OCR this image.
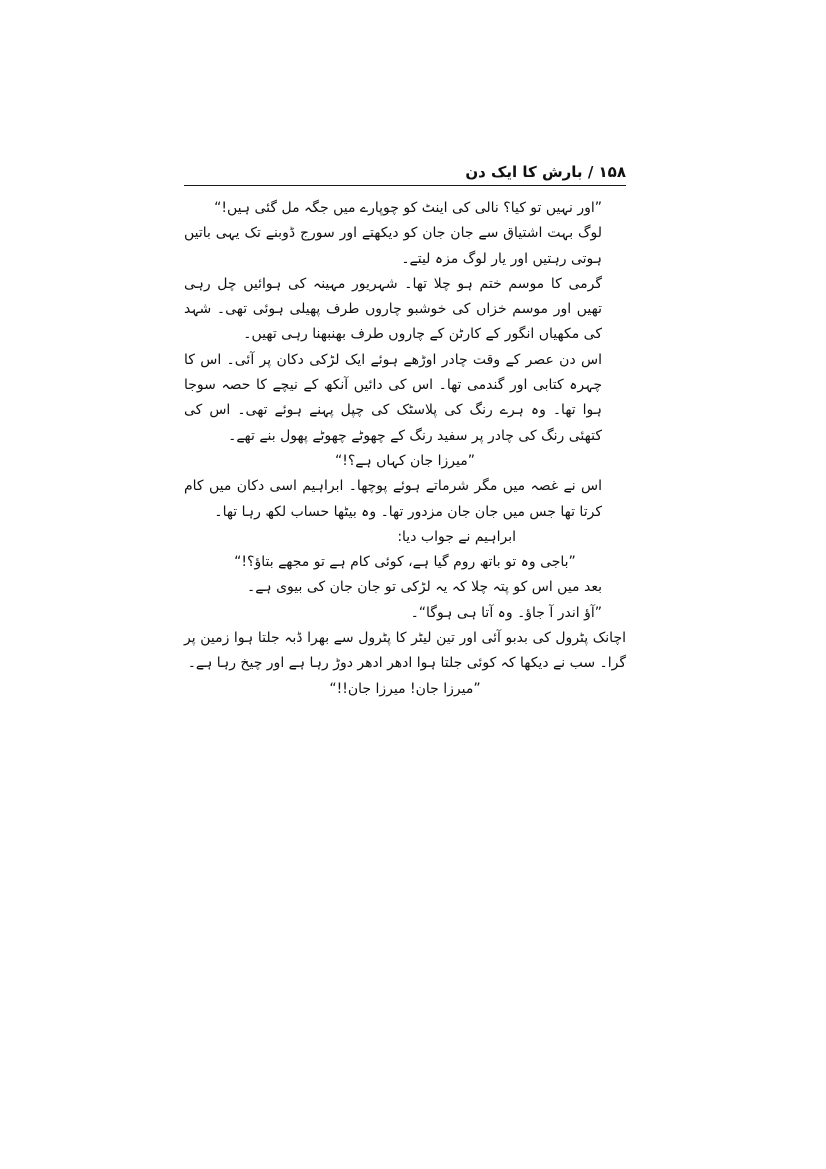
۱۵۸ / بارش کا ایک دن

”اور نہیں تو کیا؟ نالی کی اینٹ کو چوپارے میں جگہ مل گئی ہیں!“

لوگ بہت اشتیاق سے جان جان کو دیکھتے اور سورج ڈوبنے تک یہی باتیں ہوتی رہتیں اور یار لوگ مزہ لیتے۔

گرمی کا موسم ختم ہو چلا تھا۔ شہریور مہینہ کی ہوائیں چل رہی تھیں اور موسم خزاں کی خوشبو چاروں طرف پھیلی ہوئی تھی۔ شہد کی مکھیاں انگور کے کارٹن کے چاروں طرف بھنبھنا رہی تھیں۔

اس دن عصر کے وقت چادر اوڑھے ہوئے ایک لڑکی دکان پر آئی۔ اس کا چہرہ کتابی اور گندمی تھا۔ اس کی دائیں آنکھ کے نیچے کا حصہ سوجا ہوا تھا۔ وہ ہرے رنگ کی پلاسٹک کی چپل پہنے ہوئے تھی۔ اس کی کتھئی رنگ کی چادر پر سفید رنگ کے چھوٹے چھوٹے پھول بنے تھے۔

”میرزا جان کہاں ہے؟!“

اس نے غصہ میں مگر شرماتے ہوئے پوچھا۔ ابراہیم اسی دکان میں کام کرتا تھا جس میں جان جان مزدور تھا۔ وہ بیٹھا حساب لکھ رہا تھا۔

ابراہیم نے جواب دیا:

”باجی وہ تو باتھ روم گیا ہے، کوئی کام ہے تو مجھے بتاؤ؟!“

بعد میں اس کو پتہ چلا کہ یہ لڑکی تو جان جان کی بیوی ہے۔

”آؤ اندر آ جاؤ۔ وہ آتا ہی ہوگا“۔

اچانک پٹرول کی بدبو آئی اور تین لیٹر کا پٹرول سے بھرا ڈبہ جلتا ہوا زمین پر گرا۔ سب نے دیکھا کہ کوئی جلتا ہوا ادھر ادھر دوڑ رہا ہے اور چیخ رہا ہے۔

”میرزا جان! میرزا جان!!“
